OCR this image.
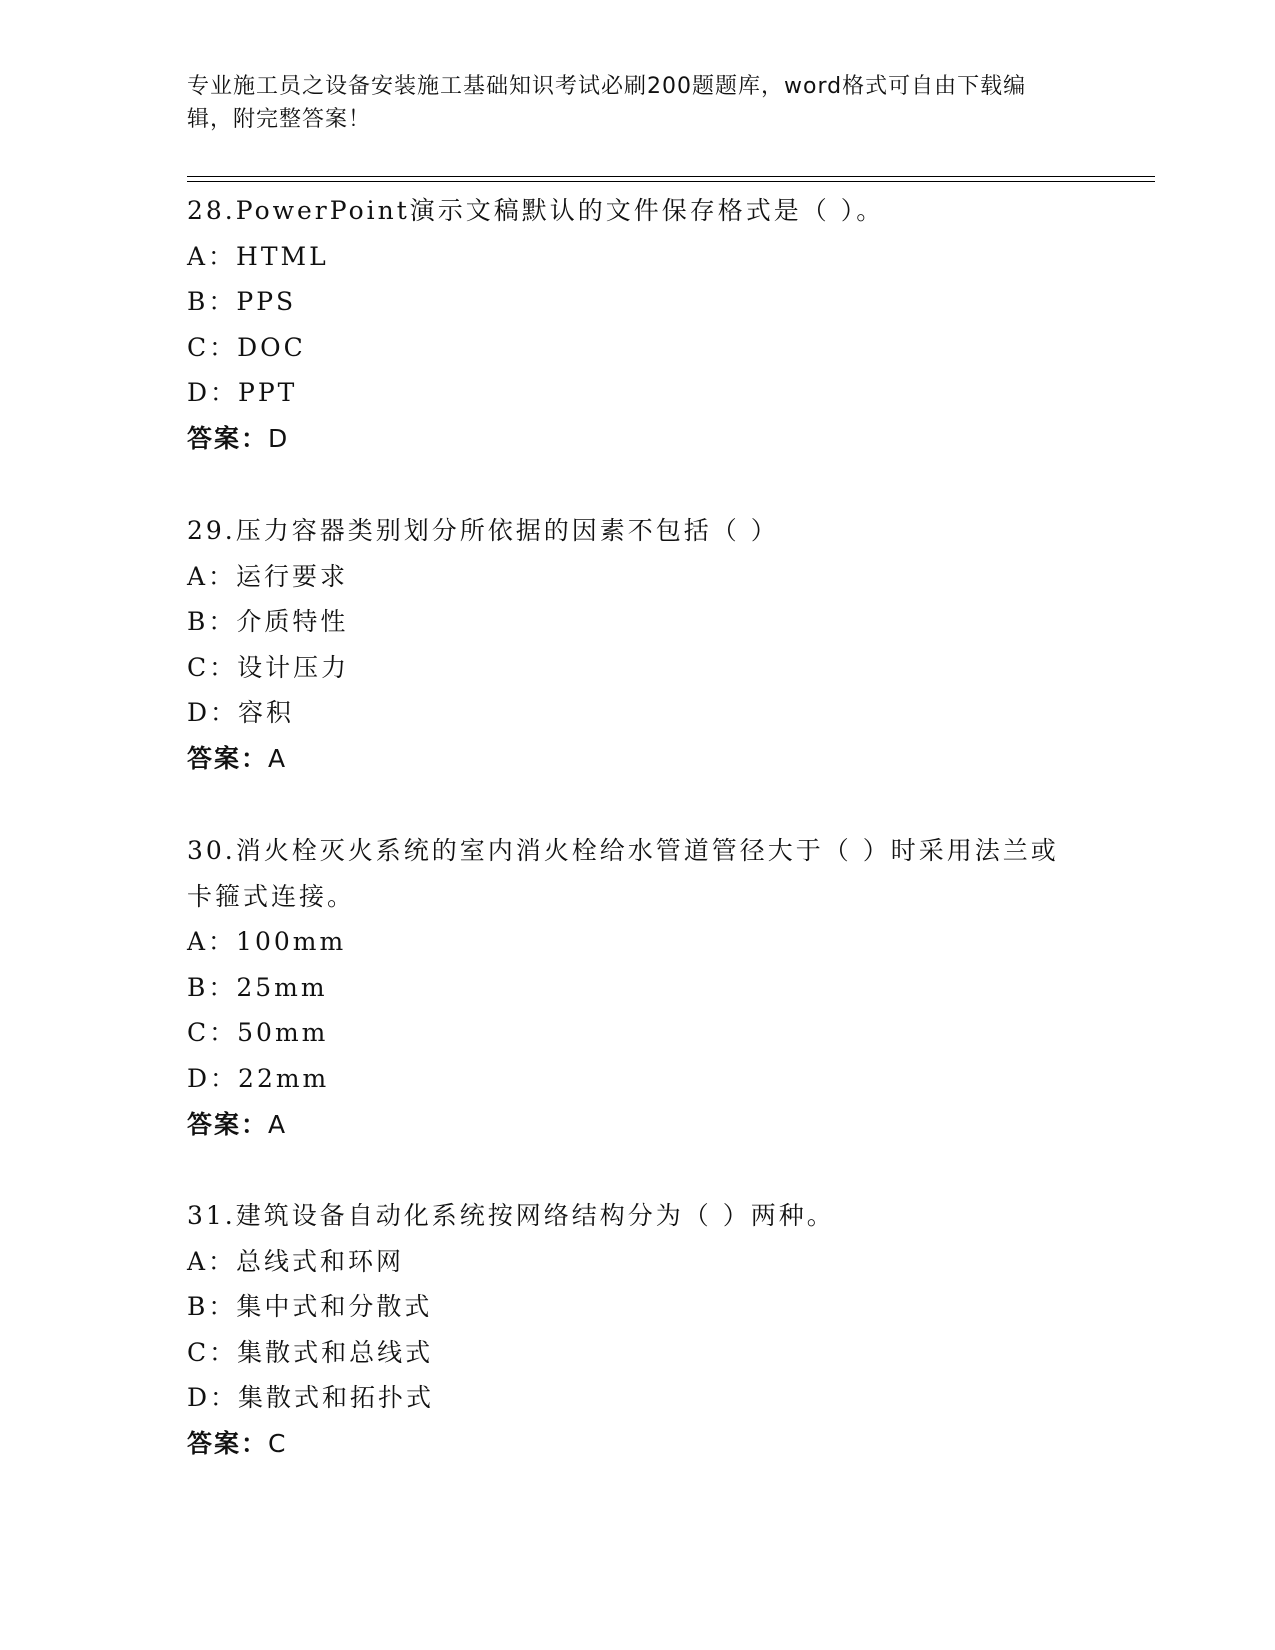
专业施工员之设备安装施工基础知识考试必刷200题题库，word格式可自由下载编辑，附完整答案！
28.PowerPoint演示文稿默认的文件保存格式是（ ）。
A：HTML
B：PPS
C：DOC
D：PPT
答案：D
29.压力容器类别划分所依据的因素不包括（ ）
A：运行要求
B：介质特性
C：设计压力
D：容积
答案：A
30.消火栓灭火系统的室内消火栓给水管道管径大于（ ）时采用法兰或卡箍式连接。
A：100mm
B：25mm
C：50mm
D：22mm
答案：A
31.建筑设备自动化系统按网络结构分为（ ）两种。
A：总线式和环网
B：集中式和分散式
C：集散式和总线式
D：集散式和拓扑式
答案：C
